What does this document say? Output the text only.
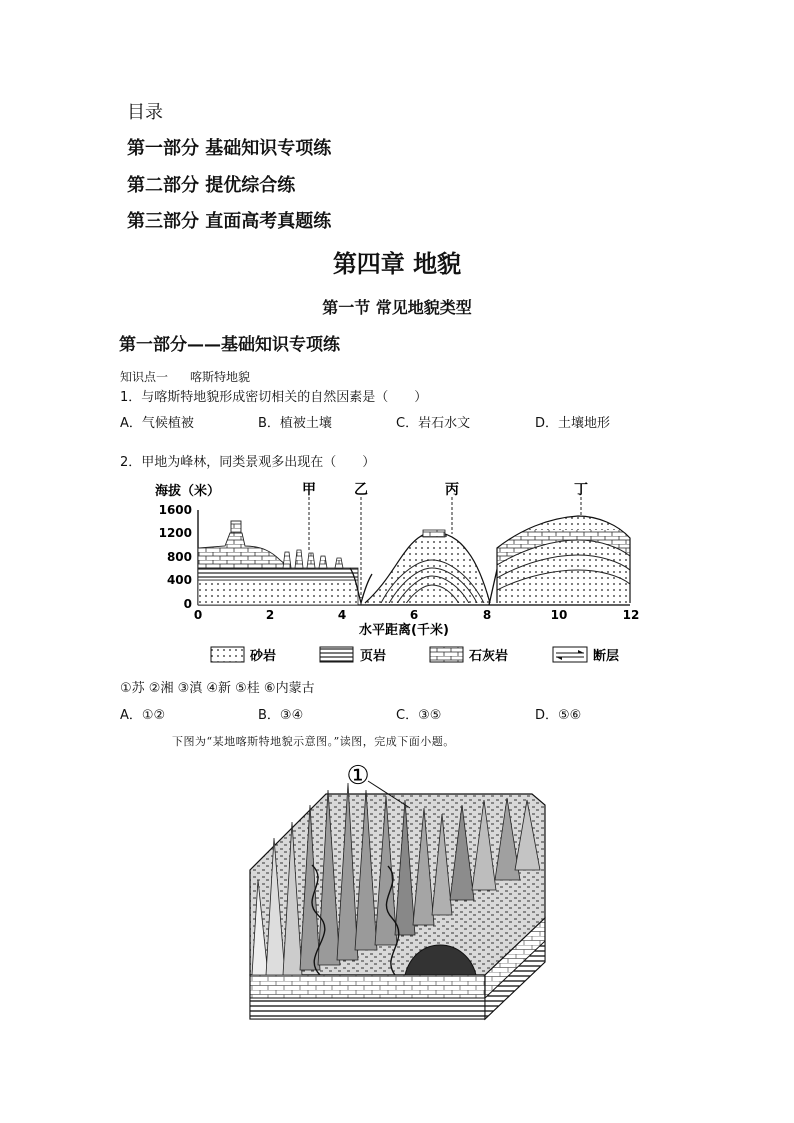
目录
第一部分 基础知识专项练
第二部分 提优综合练
第三部分 直面高考真题练
第四章 地貌
第一节 常见地貌类型
第一部分——基础知识专项练
知识点一 喀斯特地貌
1．与喀斯特地貌形成密切相关的自然因素是（　　）
A．气候植被	B．植被土壤	C．岩石水文	D．土壤地形
2．甲地为峰林，同类景观多出现在（　　）
海拔（米）
1600
1200
800
400
0
0	2	4	6	8	10	12
水平距离(千米)
甲	乙	丙	丁
砂岩	页岩	石灰岩	断层
①苏 ②湘 ③滇 ④新 ⑤桂 ⑥内蒙古
A．①②	B．③④	C．③⑤	D．⑤⑥
下图为“某地喀斯特地貌示意图。”读图，完成下面小题。
①
